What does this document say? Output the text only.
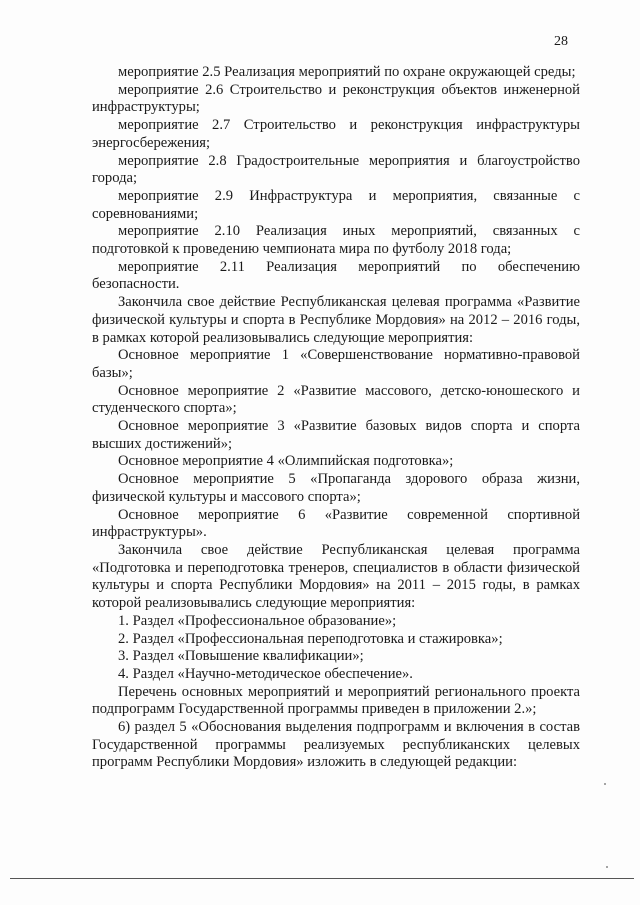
28

мероприятие 2.5 Реализация мероприятий по охране окружающей среды;

мероприятие 2.6 Строительство и реконструкция объектов инженерной инфраструктуры;

мероприятие 2.7 Строительство и реконструкция инфраструктуры энергосбережения;

мероприятие 2.8 Градостроительные мероприятия и благоустройство города;

мероприятие 2.9 Инфраструктура и мероприятия, связанные с соревнованиями;

мероприятие 2.10 Реализация иных мероприятий, связанных с подготовкой к проведению чемпионата мира по футболу 2018 года;

мероприятие 2.11 Реализация мероприятий по обеспечению безопасности.

Закончила свое действие Республиканская целевая программа «Развитие физической культуры и спорта в Республике Мордовия» на 2012 – 2016 годы, в рамках которой реализовывались следующие мероприятия:

Основное мероприятие 1 «Совершенствование нормативно-правовой базы»;

Основное мероприятие 2 «Развитие массового, детско-юношеского и студенческого спорта»;

Основное мероприятие 3 «Развитие базовых видов спорта и спорта высших достижений»;

Основное мероприятие 4 «Олимпийская подготовка»;

Основное мероприятие 5 «Пропаганда здорового образа жизни, физической культуры и массового спорта»;

Основное мероприятие 6 «Развитие современной спортивной инфраструктуры».

Закончила свое действие Республиканская целевая программа «Подготовка и переподготовка тренеров, специалистов в области физической культуры и спорта Республики Мордовия» на 2011 – 2015 годы, в рамках которой реализовывались следующие мероприятия:

1. Раздел «Профессиональное образование»;

2. Раздел «Профессиональная переподготовка и стажировка»;

3. Раздел «Повышение квалификации»;

4. Раздел «Научно-методическое обеспечение».

Перечень основных мероприятий и мероприятий регионального проекта подпрограмм Государственной программы приведен в приложении 2.»;

6) раздел 5 «Обоснования выделения подпрограмм и включения в состав Государственной программы реализуемых республиканских целевых программ Республики Мордовия» изложить в следующей редакции:
